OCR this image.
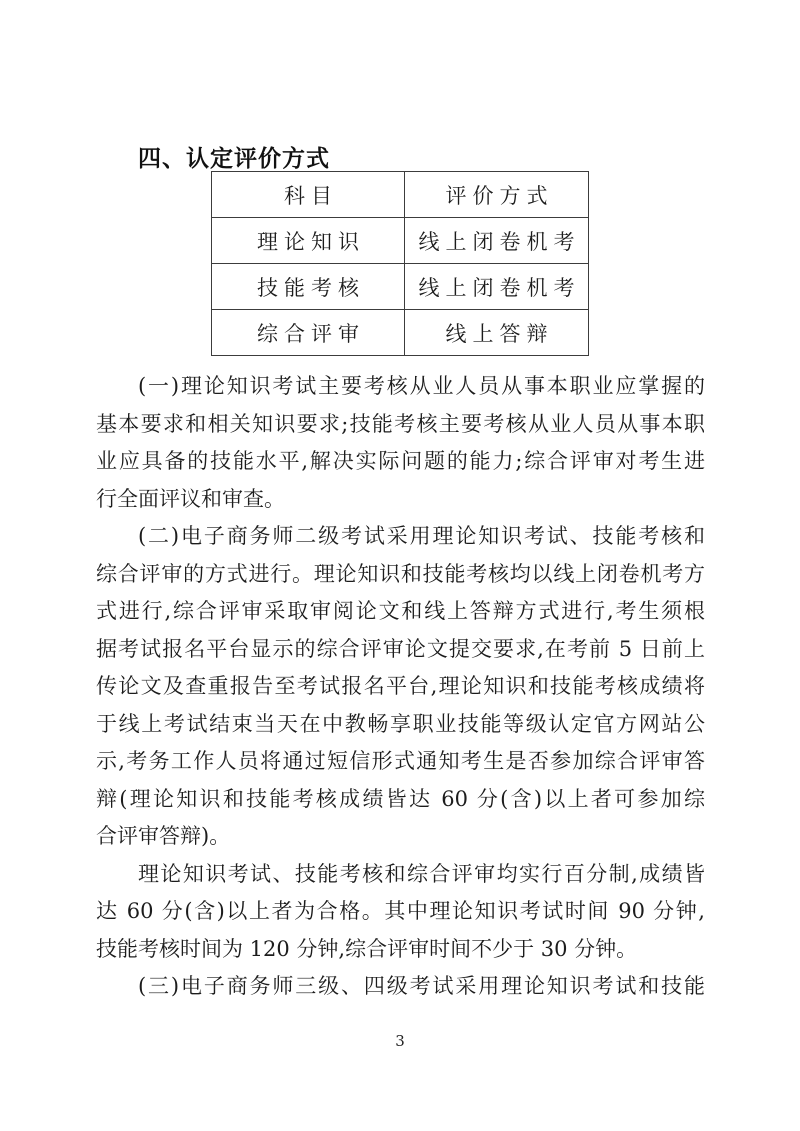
四、认定评价方式
科目	评价方式
理论知识	线上闭卷机考
技能考核	线上闭卷机考
综合评审	线上答辩
(一)理论知识考试主要考核从业人员从事本职业应掌握的
基本要求和相关知识要求;技能考核主要考核从业人员从事本职
业应具备的技能水平,解决实际问题的能力;综合评审对考生进
行全面评议和审查。
(二)电子商务师二级考试采用理论知识考试、技能考核和
综合评审的方式进行。理论知识和技能考核均以线上闭卷机考方
式进行,综合评审采取审阅论文和线上答辩方式进行,考生须根
据考试报名平台显示的综合评审论文提交要求,在考前 5 日前上
传论文及查重报告至考试报名平台,理论知识和技能考核成绩将
于线上考试结束当天在中教畅享职业技能等级认定官方网站公
示,考务工作人员将通过短信形式通知考生是否参加综合评审答
辩(理论知识和技能考核成绩皆达 60 分(含)以上者可参加综
合评审答辩)。
理论知识考试、技能考核和综合评审均实行百分制,成绩皆
达 60 分(含)以上者为合格。其中理论知识考试时间 90 分钟,
技能考核时间为 120 分钟,综合评审时间不少于 30 分钟。
(三)电子商务师三级、四级考试采用理论知识考试和技能
3
